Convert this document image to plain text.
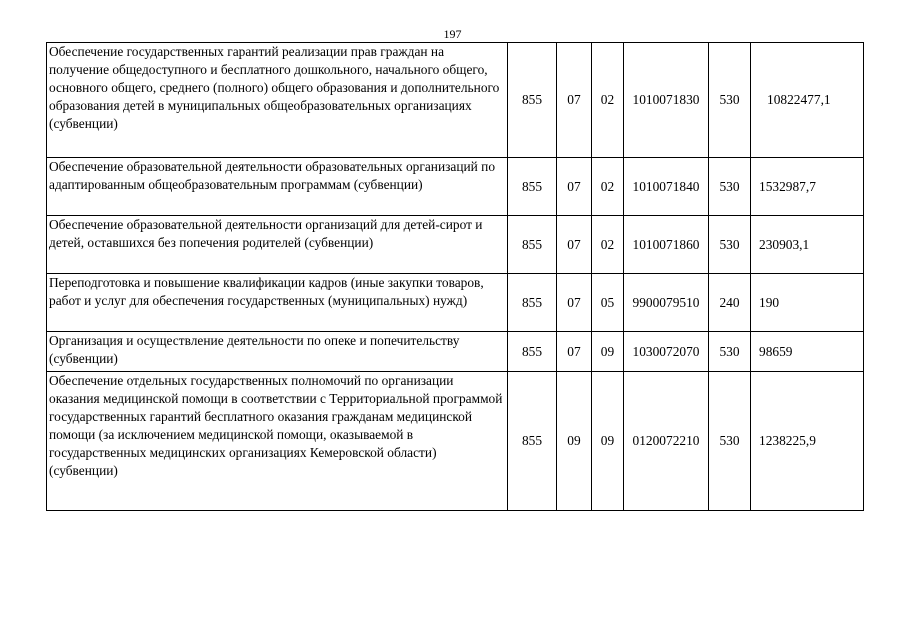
197
Обеспечение государственных гарантий реализации прав граждан на получение общедоступного и бесплатного дошкольного, начального общего, основного общего, среднего (полного) общего образования и дополнительного образования детей в муниципальных общеобразовательных организациях (субвенции)	855	07	02	1010071830	530	10822477,1
Обеспечение образовательной деятельности образовательных организаций по адаптированным общеобразовательным программам (субвенции)	855	07	02	1010071840	530	1532987,7
Обеспечение образовательной деятельности организаций для детей-сирот и детей, оставшихся без попечения родителей (субвенции)	855	07	02	1010071860	530	230903,1
Переподготовка и повышение квалификации кадров (иные закупки товаров, работ и услуг для обеспечения государственных (муниципальных) нужд)	855	07	05	9900079510	240	190
Организация и осуществление деятельности по опеке и попечительству (субвенции)	855	07	09	1030072070	530	98659
Обеспечение отдельных государственных полномочий по организации оказания медицинской помощи в соответствии с Территориальной программой государственных гарантий бесплатного оказания гражданам медицинской помощи (за исключением медицинской помощи, оказываемой в государственных медицинских организациях Кемеровской области) (субвенции)	855	09	09	0120072210	530	1238225,9
